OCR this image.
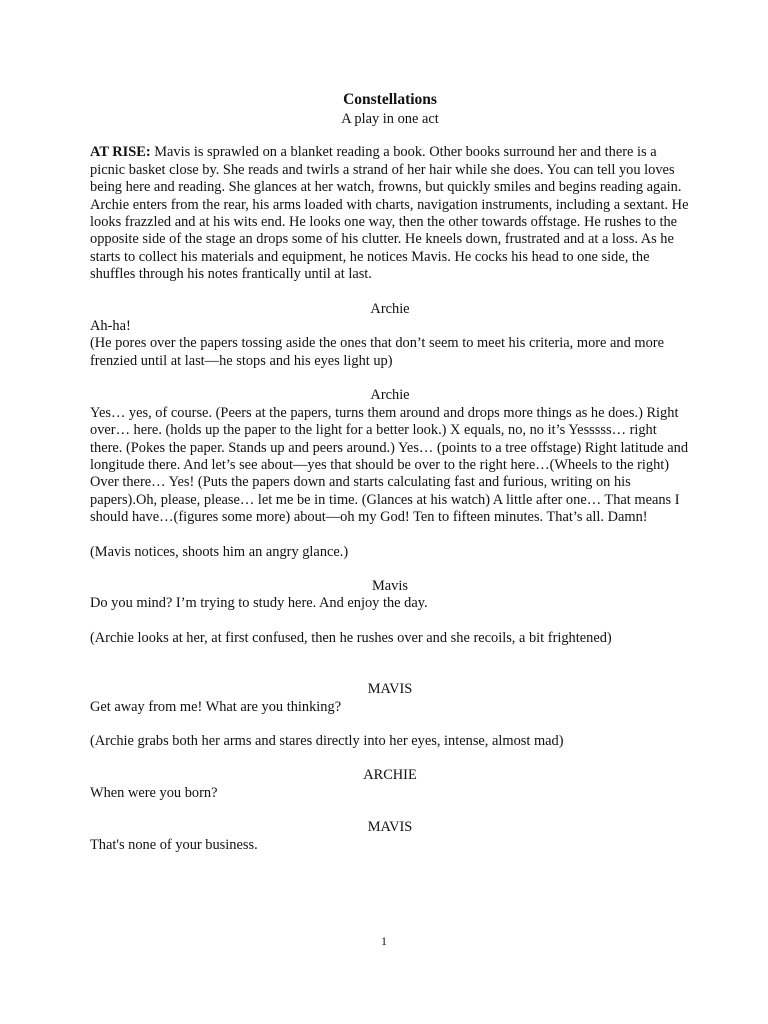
Constellations

A play in one act

AT RISE: Mavis is sprawled on a blanket reading a book. Other books surround her and there is a picnic basket close by. She reads and twirls a strand of her hair while she does. You can tell you loves being here and reading. She glances at her watch, frowns, but quickly smiles and begins reading again. Archie enters from the rear, his arms loaded with charts, navigation instruments, including a sextant. He looks frazzled and at his wits end. He looks one way, then the other towards offstage. He rushes to the opposite side of the stage an drops some of his clutter. He kneels down, frustrated and at a loss. As he starts to collect his materials and equipment, he notices Mavis. He cocks his head to one side, the shuffles through his notes frantically until at last.

Archie

Ah-ha!

(He pores over the papers tossing aside the ones that don’t seem to meet his criteria, more and more frenzied until at last—he stops and his eyes light up)

Archie

Yes… yes, of course. (Peers at the papers, turns them around and drops more things as he does.) Right over… here. (holds up the paper to the light for a better look.) X equals, no, no it’s Yesssss… right there. (Pokes the paper. Stands up and peers around.) Yes… (points to a tree offstage) Right latitude and longitude there. And let’s see about—yes that should be over to the right here…(Wheels to the right) Over there… Yes! (Puts the papers down and starts calculating fast and furious, writing on his papers).Oh, please, please… let me be in time. (Glances at his watch) A little after one… That means I should have…(figures some more) about—oh my God! Ten to fifteen minutes. That’s all. Damn!

(Mavis notices, shoots him an angry glance.)

Mavis

Do you mind? I’m trying to study here. And enjoy the day.

(Archie looks at her, at first confused, then he rushes over and she recoils, a bit frightened)

MAVIS

Get away from me! What are you thinking?

(Archie grabs both her arms and stares directly into her eyes, intense, almost mad)

ARCHIE

When were you born?

MAVIS

That's none of your business.

1
